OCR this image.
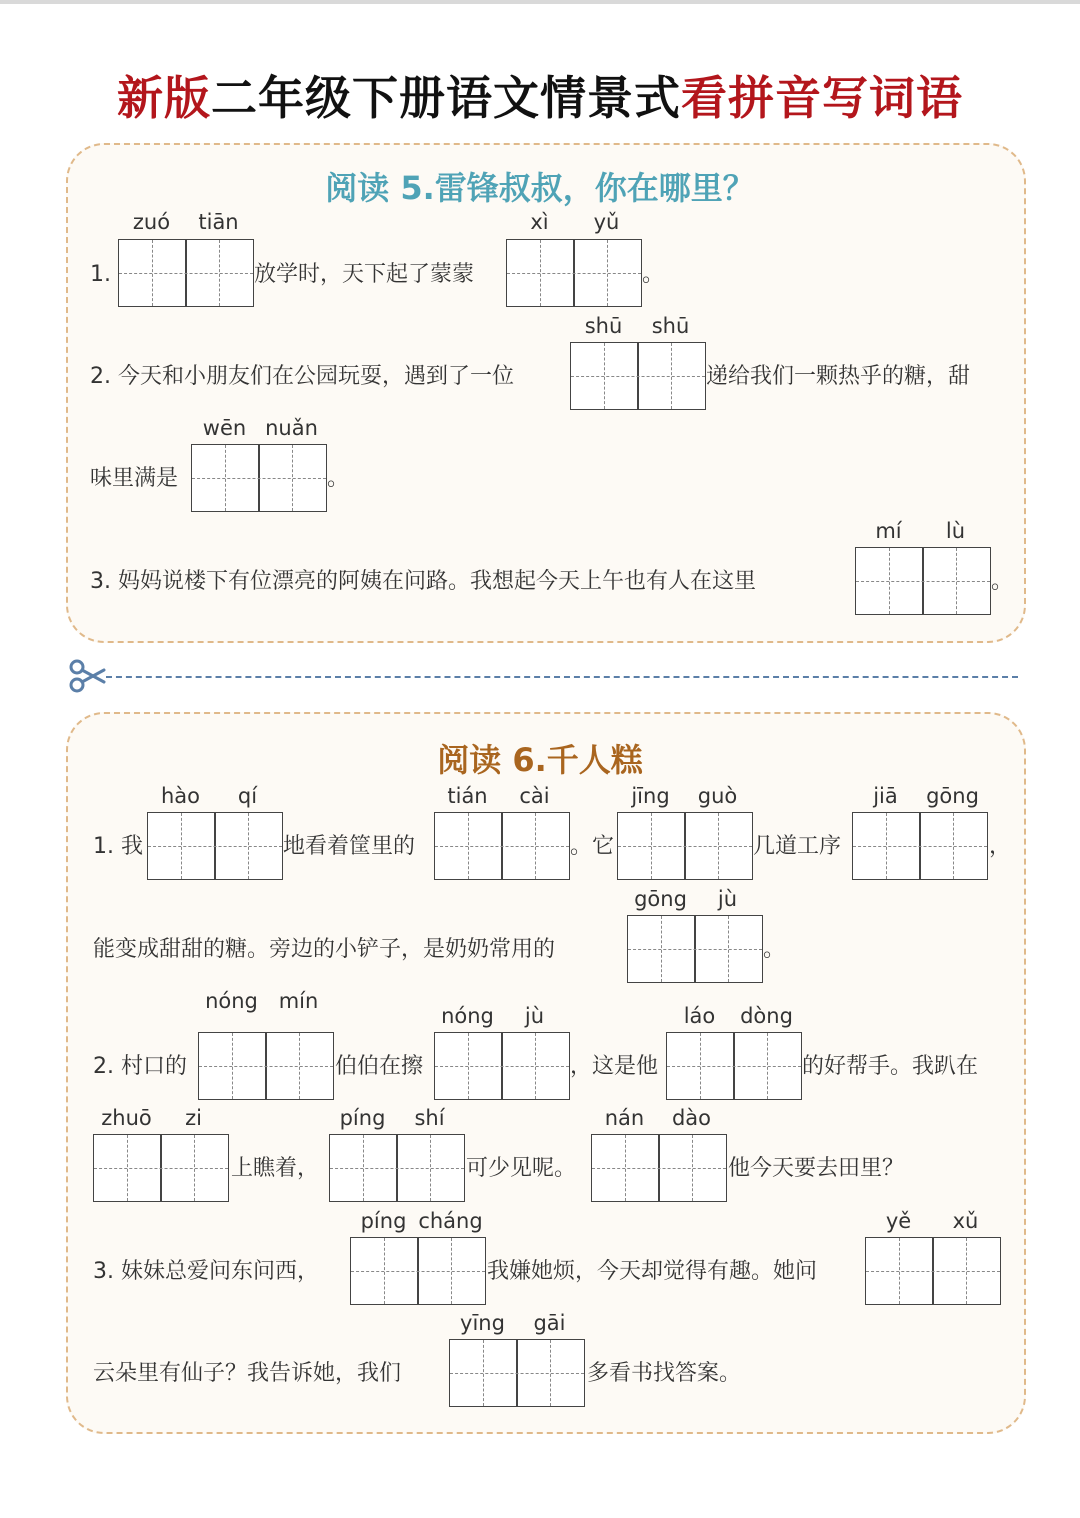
新版二年级下册语文情景式看拼音写词语
阅读 5.雷锋叔叔，你在哪里？
1.
zuó	tiān
放学时，天下起了蒙蒙
xì	yǔ
。
2. 今天和小朋友们在公园玩耍，遇到了一位
shū	shū
递给我们一颗热乎的糖，甜
味里满是
wēn nuǎn
。
3. 妈妈说楼下有位漂亮的阿姨在问路。我想起今天上午也有人在这里
mí	lù
。
阅读 6.千人糕
1. 我
hào	qí
地看着筐里的
tián	cài
。它
jīng	guò
几道工序
jiā	gōng
，
能变成甜甜的糖。旁边的小铲子，是奶奶常用的
gōng	jù
。
2. 村口的
nóng mín
伯伯在擦
nóng	jù
，这是他
láo	dòng
的好帮手。我趴在
zhuō	zi
上瞧着，
píng	shí
可少见呢。
nán	dào
他今天要去田里？
3. 妹妹总爱问东问西，
píng cháng
我嫌她烦，今天却觉得有趣。她问
yě	xǔ
云朵里有仙子？我告诉她，我们
yīng	gāi
多看书找答案。
